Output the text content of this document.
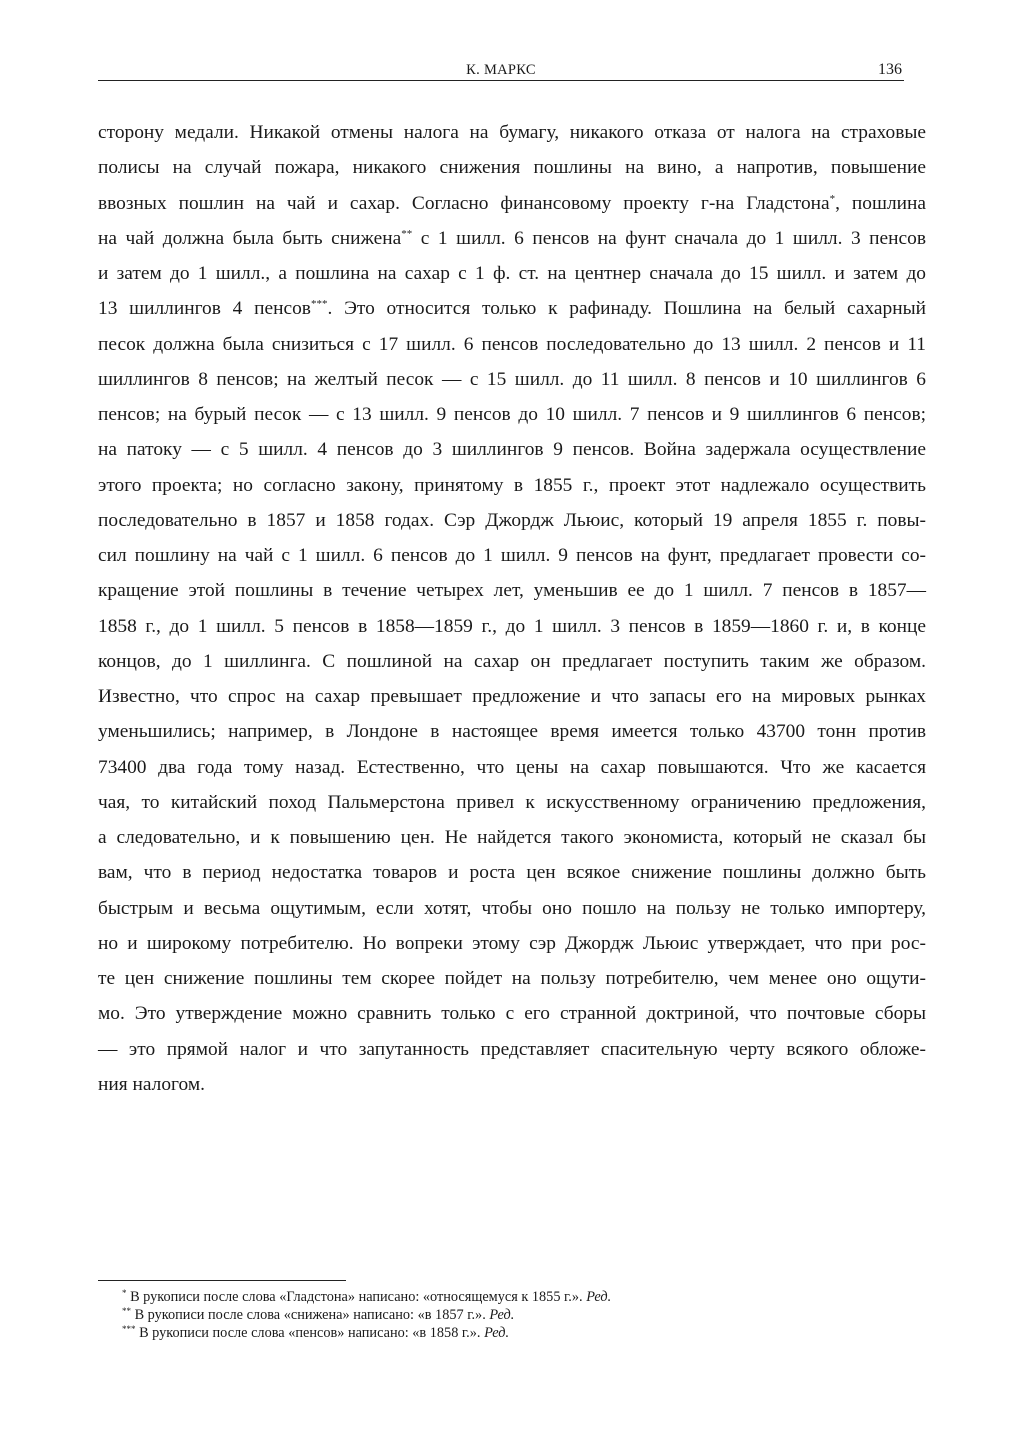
К. МАРКС	136
сторону медали. Никакой отмены налога на бумагу, никакого отказа от налога на страховые
полисы на случай пожара, никакого снижения пошлины на вино, а напротив, повышение
ввозных пошлин на чай и сахар. Согласно финансовому проекту г-на Гладстона*, пошлина
на чай должна была быть снижена** с 1 шилл. 6 пенсов на фунт сначала до 1 шилл. 3 пенсов
и затем до 1 шилл., а пошлина на сахар с 1 ф. ст. на центнер сначала до 15 шилл. и затем до
13 шиллингов 4 пенсов***. Это относится только к рафинаду. Пошлина на белый сахарный
песок должна была снизиться с 17 шилл. 6 пенсов последовательно до 13 шилл. 2 пенсов и 11
шиллингов 8 пенсов; на желтый песок — с 15 шилл. до 11 шилл. 8 пенсов и 10 шиллингов 6
пенсов; на бурый песок — с 13 шилл. 9 пенсов до 10 шилл. 7 пенсов и 9 шиллингов 6 пенсов;
на патоку — с 5 шилл. 4 пенсов до 3 шиллингов 9 пенсов. Война задержала осуществление
этого проекта; но согласно закону, принятому в 1855 г., проект этот надлежало осуществить
последовательно в 1857 и 1858 годах. Сэр Джордж Льюис, который 19 апреля 1855 г. повы-
сил пошлину на чай с 1 шилл. 6 пенсов до 1 шилл. 9 пенсов на фунт, предлагает провести со-
кращение этой пошлины в течение четырех лет, уменьшив ее до 1 шилл. 7 пенсов в 1857—
1858 г., до 1 шилл. 5 пенсов в 1858—1859 г., до 1 шилл. 3 пенсов в 1859—1860 г. и, в конце
концов, до 1 шиллинга. С пошлиной на сахар он предлагает поступить таким же образом.
Известно, что спрос на сахар превышает предложение и что запасы его на мировых рынках
уменьшились; например, в Лондоне в настоящее время имеется только 43700 тонн против
73400 два года тому назад. Естественно, что цены на сахар повышаются. Что же касается
чая, то китайский поход Пальмерстона привел к искусственному ограничению предложения,
а следовательно, и к повышению цен. Не найдется такого экономиста, который не сказал бы
вам, что в период недостатка товаров и роста цен всякое снижение пошлины должно быть
быстрым и весьма ощутимым, если хотят, чтобы оно пошло на пользу не только импортеру,
но и широкому потребителю. Но вопреки этому сэр Джордж Льюис утверждает, что при рос-
те цен снижение пошлины тем скорее пойдет на пользу потребителю, чем менее оно ощути-
мо. Это утверждение можно сравнить только с его странной доктриной, что почтовые сборы
— это прямой налог и что запутанность представляет спасительную черту всякого обложе-
ния налогом.
* В рукописи после слова «Гладстона» написано: «относящемуся к 1855 г.». Ред.
** В рукописи после слова «снижена» написано: «в 1857 г.». Ред.
*** В рукописи после слова «пенсов» написано: «в 1858 г.». Ред.
